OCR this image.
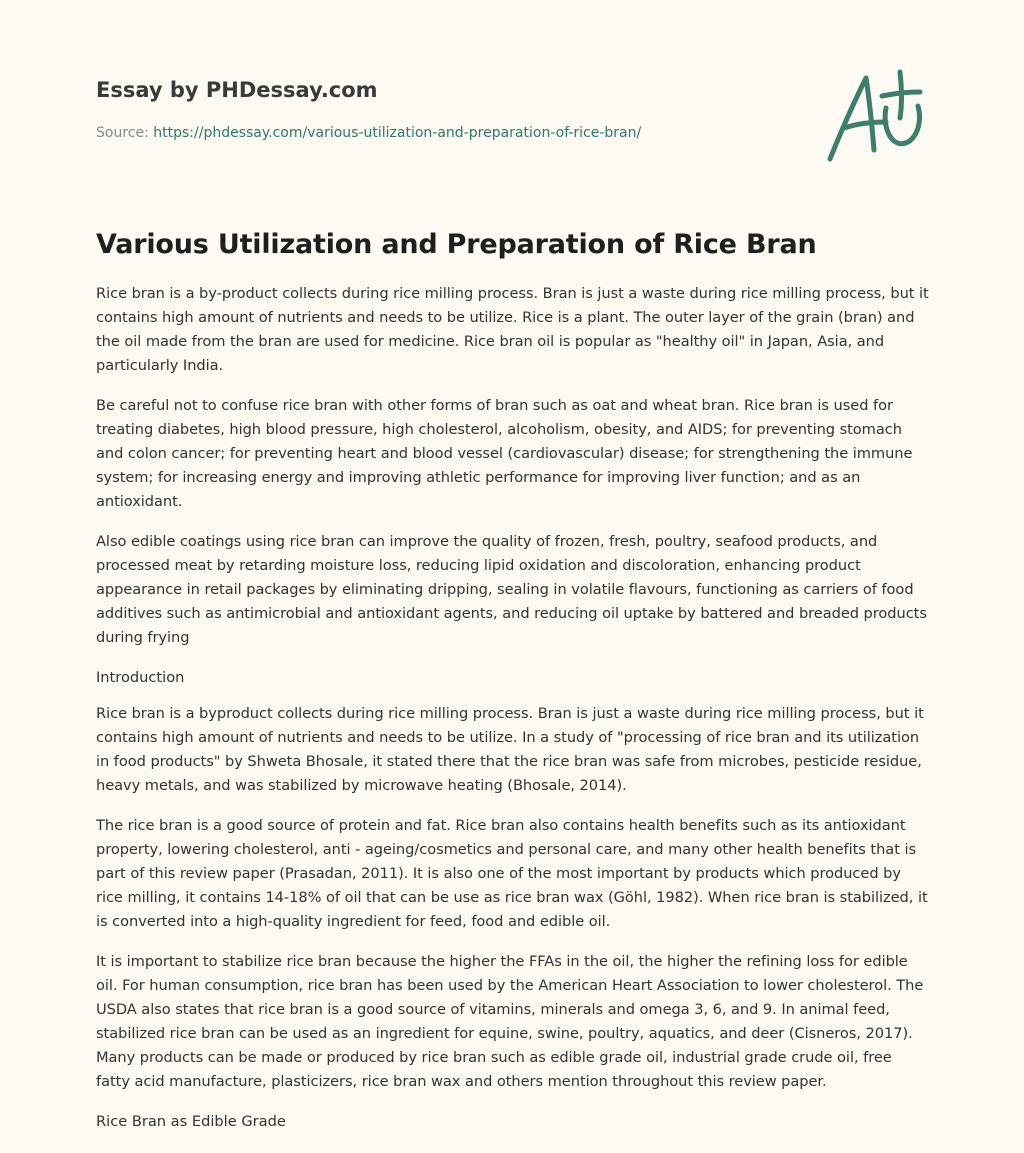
Essay by PHDessay.com
Source: https://phdessay.com/various-utilization-and-preparation-of-rice-bran/
Various Utilization and Preparation of Rice Bran

Rice bran is a by-product collects during rice milling process. Bran is just a waste during rice milling process, but it contains high amount of nutrients and needs to be utilize. Rice is a plant. The outer layer of the grain (bran) and the oil made from the bran are used for medicine. Rice bran oil is popular as "healthy oil" in Japan, Asia, and particularly India.

Be careful not to confuse rice bran with other forms of bran such as oat and wheat bran. Rice bran is used for treating diabetes, high blood pressure, high cholesterol, alcoholism, obesity, and AIDS; for preventing stomach and colon cancer; for preventing heart and blood vessel (cardiovascular) disease; for strengthening the immune system; for increasing energy and improving athletic performance for improving liver function; and as an antioxidant.

Also edible coatings using rice bran can improve the quality of frozen, fresh, poultry, seafood products, and processed meat by retarding moisture loss, reducing lipid oxidation and discoloration, enhancing product appearance in retail packages by eliminating dripping, sealing in volatile flavours, functioning as carriers of food additives such as antimicrobial and antioxidant agents, and reducing oil uptake by battered and breaded products during frying

Introduction

Rice bran is a byproduct collects during rice milling process. Bran is just a waste during rice milling process, but it contains high amount of nutrients and needs to be utilize. In a study of "processing of rice bran and its utilization in food products" by Shweta Bhosale, it stated there that the rice bran was safe from microbes, pesticide residue, heavy metals, and was stabilized by microwave heating (Bhosale, 2014).

The rice bran is a good source of protein and fat. Rice bran also contains health benefits such as its antioxidant property, lowering cholesterol, anti - ageing/cosmetics and personal care, and many other health benefits that is part of this review paper (Prasadan, 2011). It is also one of the most important by products which produced by rice milling, it contains 14-18% of oil that can be use as rice bran wax (Göhl, 1982). When rice bran is stabilized, it is converted into a high-quality ingredient for feed, food and edible oil.

It is important to stabilize rice bran because the higher the FFAs in the oil, the higher the refining loss for edible oil. For human consumption, rice bran has been used by the American Heart Association to lower cholesterol. The USDA also states that rice bran is a good source of vitamins, minerals and omega 3, 6, and 9. In animal feed, stabilized rice bran can be used as an ingredient for equine, swine, poultry, aquatics, and deer (Cisneros, 2017). Many products can be made or produced by rice bran such as edible grade oil, industrial grade crude oil, free fatty acid manufacture, plasticizers, rice bran wax and others mention throughout this review paper.

Rice Bran as Edible Grade
